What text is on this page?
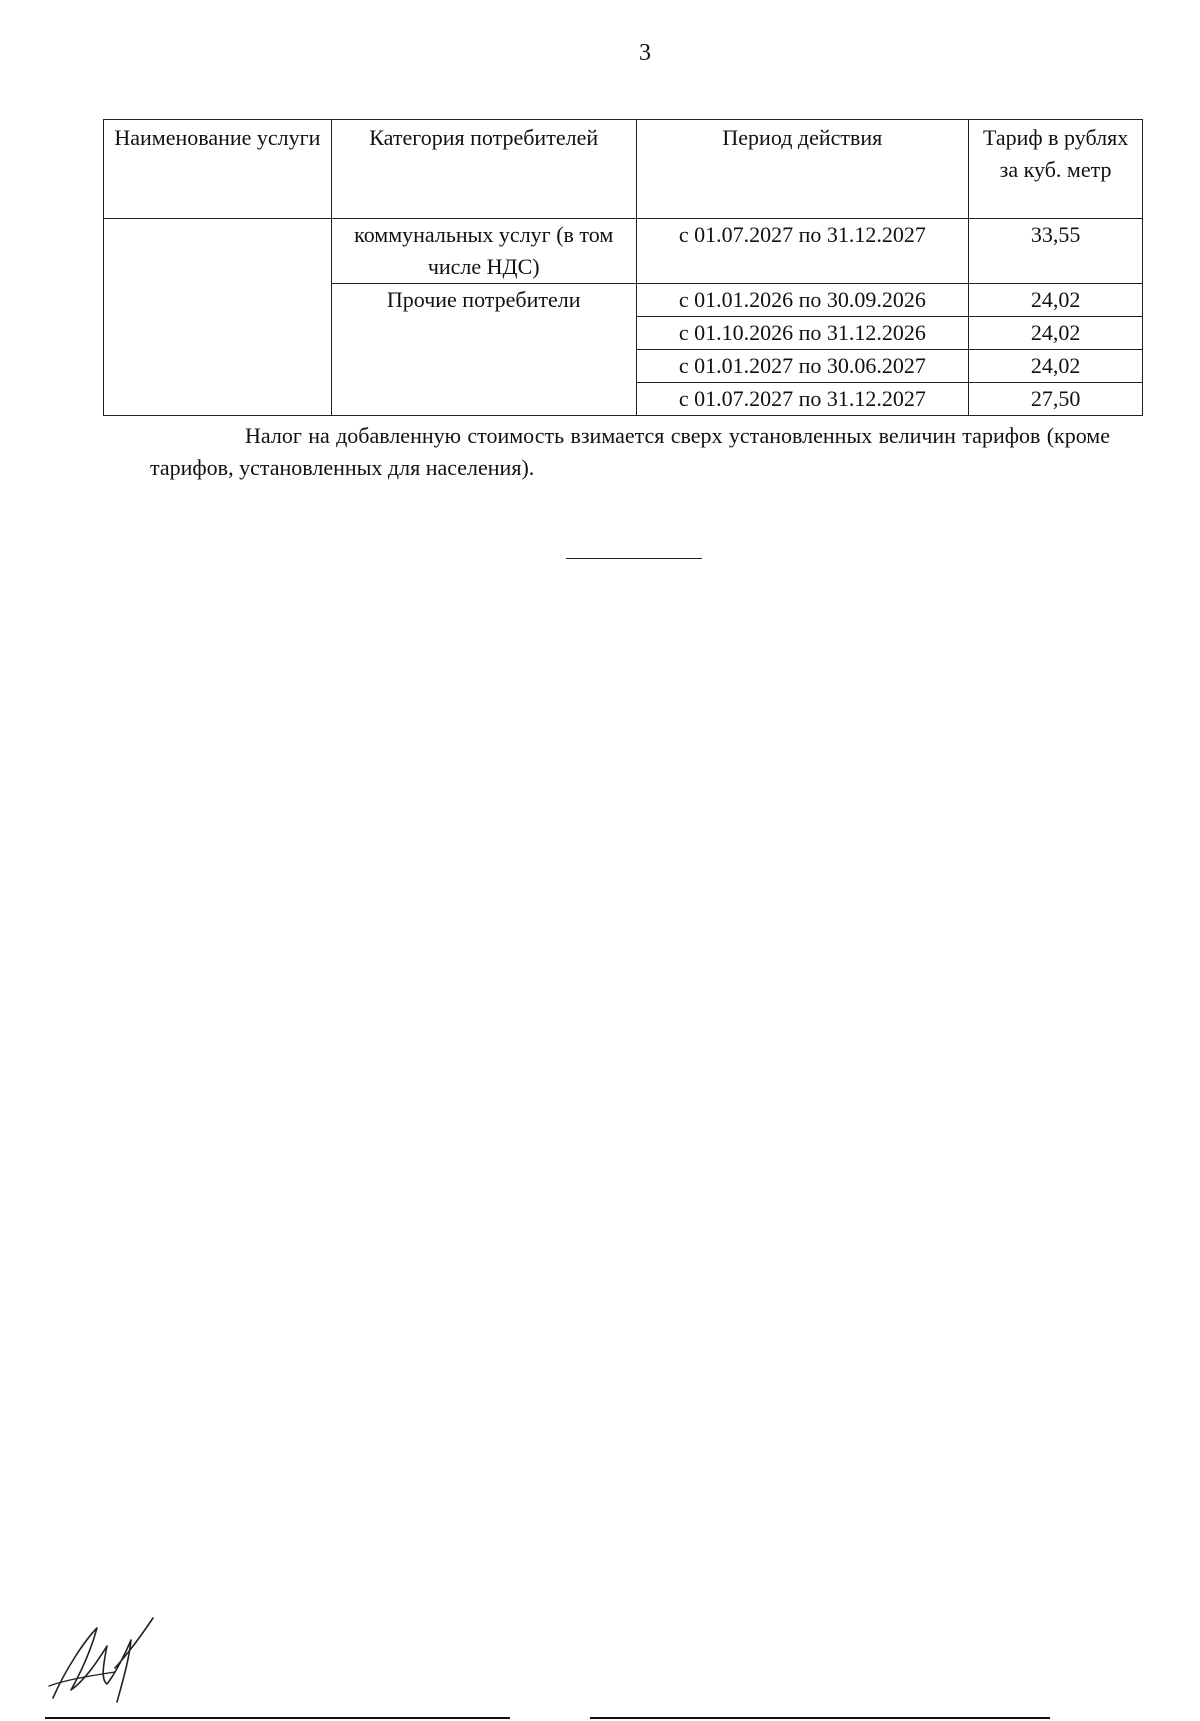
3
Наименование услуги	Категория потребителей	Период действия	Тариф в рублях за куб. метр
	коммунальных услуг (в том числе НДС)	с 01.07.2027 по 31.12.2027	33,55
	Прочие потребители	с 01.01.2026 по 30.09.2026	24,02
		с 01.10.2026 по 31.12.2026	24,02
		с 01.01.2027 по 30.06.2027	24,02
		с 01.07.2027 по 31.12.2027	27,50
Налог на добавленную стоимость взимается сверх установленных величин тарифов (кроме тарифов, установленных для населения).
